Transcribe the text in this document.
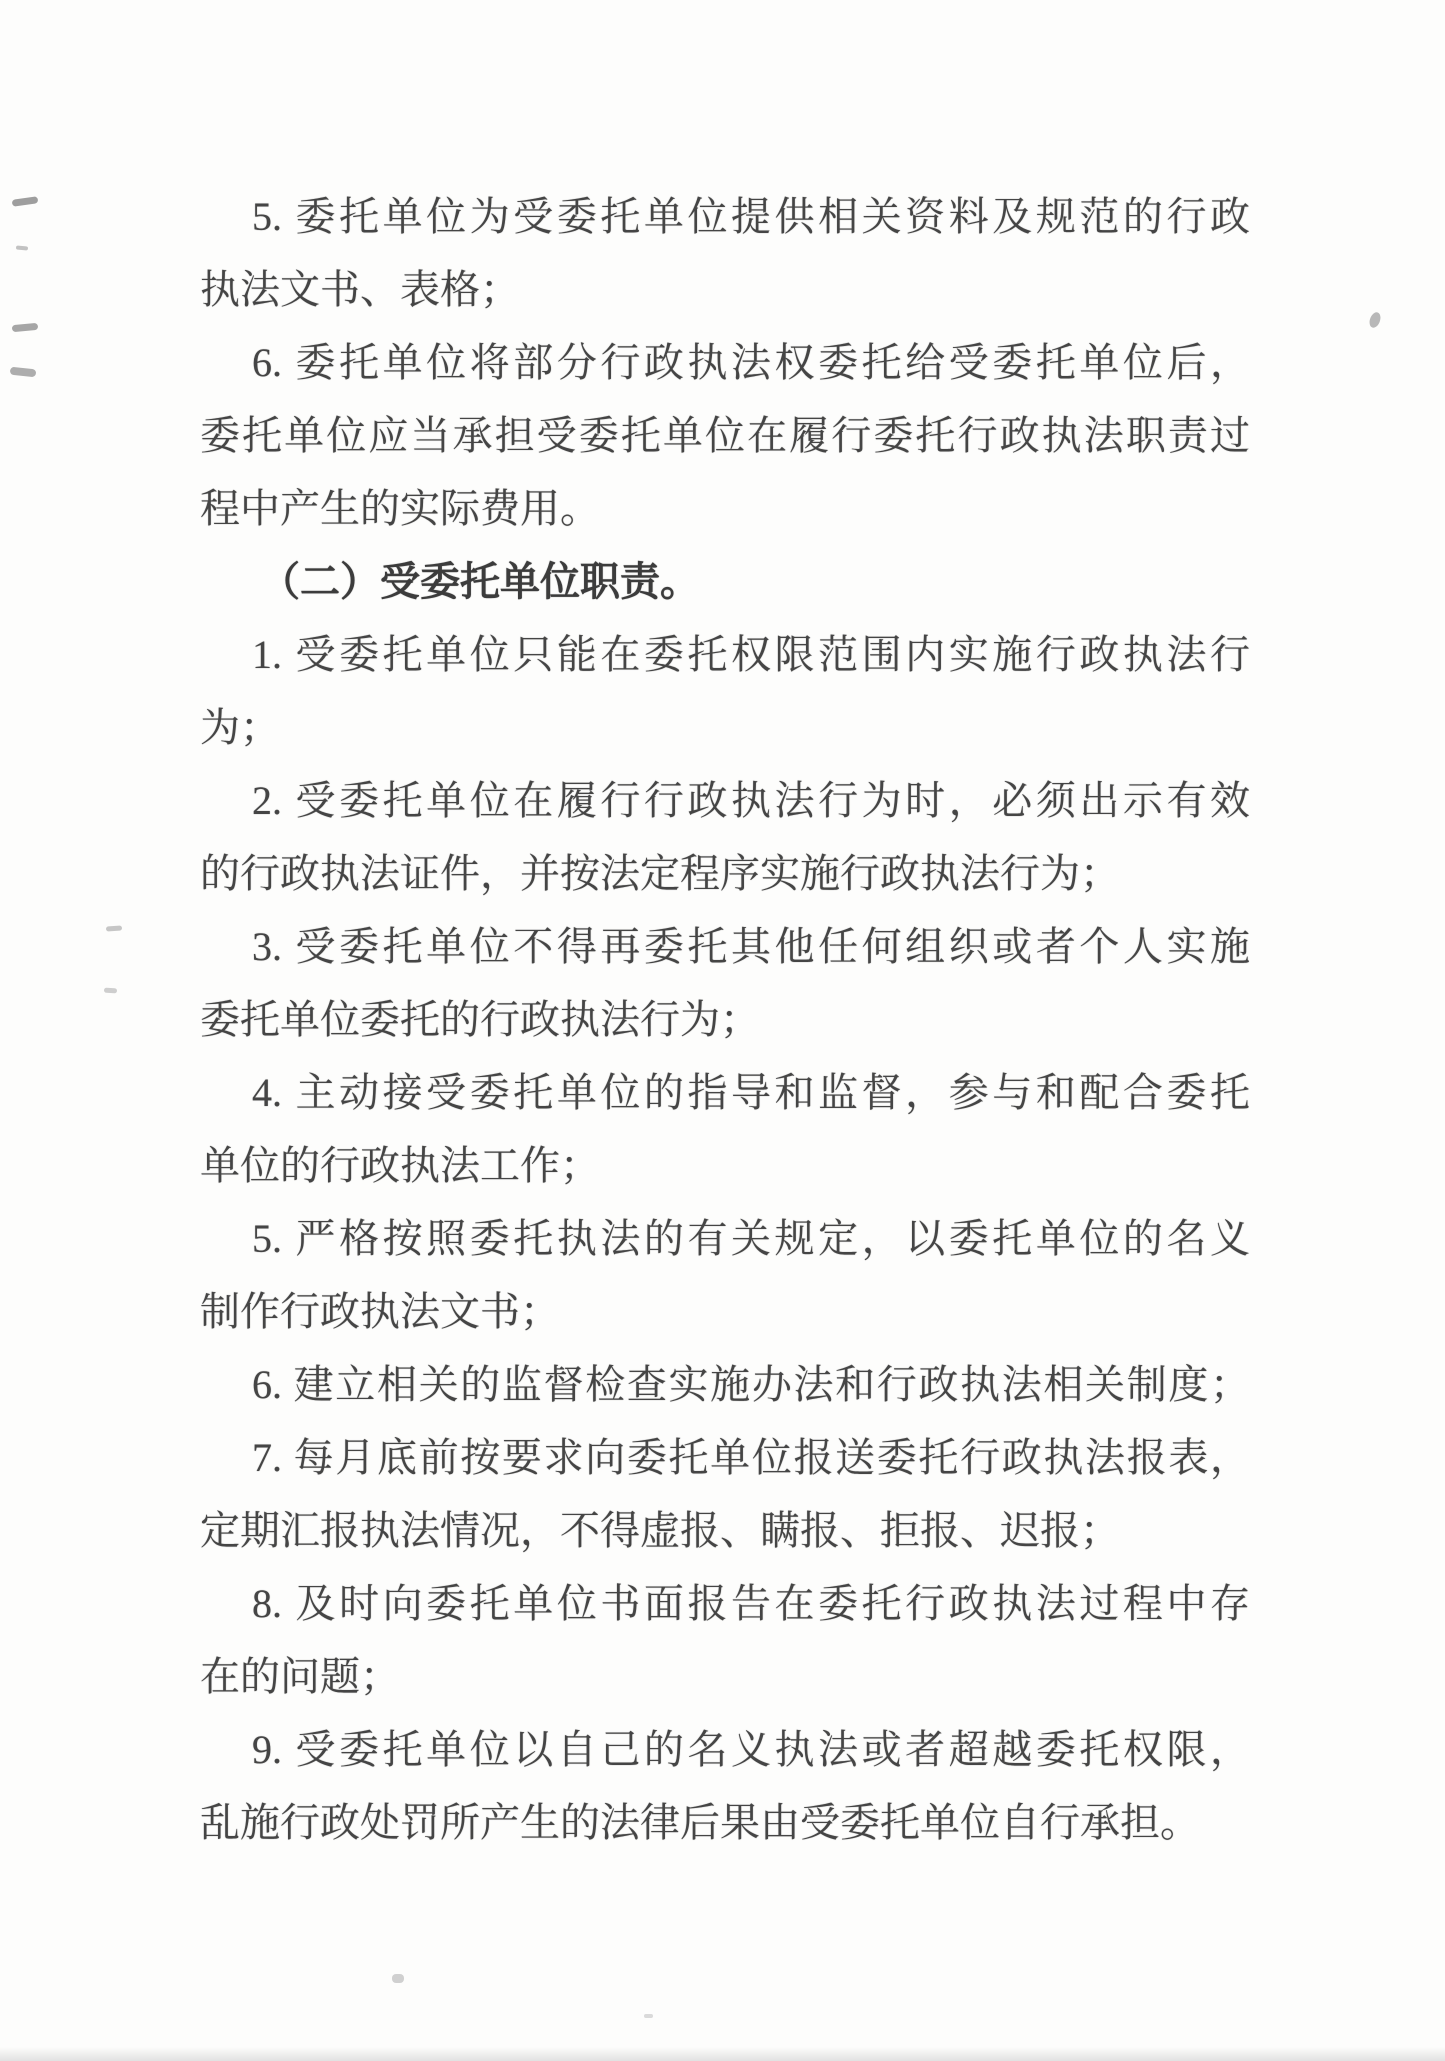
5. 委托单位为受委托单位提供相关资料及规范的行政
执法文书、表格；
6. 委托单位将部分行政执法权委托给受委托单位后，
委托单位应当承担受委托单位在履行委托行政执法职责过
程中产生的实际费用。
（二）受委托单位职责。
1. 受委托单位只能在委托权限范围内实施行政执法行
为；
2. 受委托单位在履行行政执法行为时，必须出示有效
的行政执法证件，并按法定程序实施行政执法行为；
3. 受委托单位不得再委托其他任何组织或者个人实施
委托单位委托的行政执法行为；
4. 主动接受委托单位的指导和监督，参与和配合委托
单位的行政执法工作；
5. 严格按照委托执法的有关规定，以委托单位的名义
制作行政执法文书；
6. 建立相关的监督检查实施办法和行政执法相关制度；
7. 每月底前按要求向委托单位报送委托行政执法报表，
定期汇报执法情况，不得虚报、瞒报、拒报、迟报；
8. 及时向委托单位书面报告在委托行政执法过程中存
在的问题；
9. 受委托单位以自己的名义执法或者超越委托权限，
乱施行政处罚所产生的法律后果由受委托单位自行承担。
